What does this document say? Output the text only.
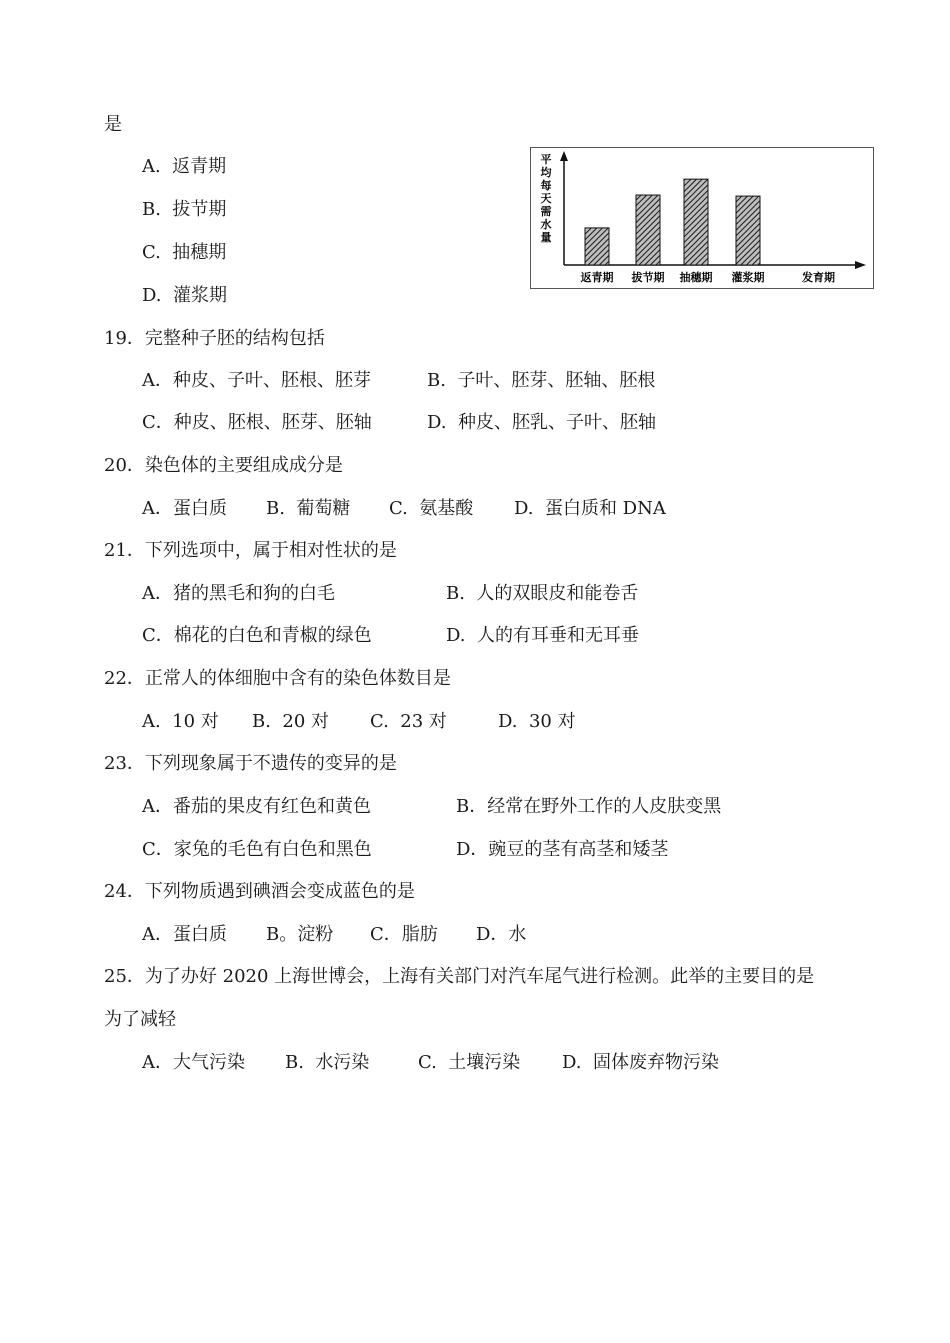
是
A.  返青期
B.  拔节期
C.  抽穗期
D.  灌浆期
平
均
每
天
需
水
量
返青期 拔节期 抽穗期 灌浆期	发育期
19．完整种子胚的结构包括
A．种皮、子叶、胚根、胚芽	B.  子叶、胚芽、胚轴、胚根
C．种皮、胚根、胚芽、胚轴	D.  种皮、胚乳、子叶、胚轴
20．染色体的主要组成成分是
A．蛋白质 B.  葡萄糖 C.  氨基酸 D.  蛋白质和 DNA
21．下列选项中，属于相对性状的是
A．猪的黑毛和狗的白毛	B.  人的双眼皮和能卷舌
C．棉花的白色和青椒的绿色	D.  人的有耳垂和无耳垂
22．正常人的体细胞中含有的染色体数目是
A.  10 对 B.  20 对 C.  23 对	D.  30 对
23．下列现象属于不遗传的变异的是
A．番茄的果皮有红色和黄色	B．经常在野外工作的人皮肤变黑
C．家兔的毛色有白色和黑色	D．豌豆的茎有高茎和矮茎
24．下列物质遇到碘酒会变成蓝色的是
A．蛋白质 B。淀粉 C．脂肪 D．水
25．为了办好 2020 上海世博会，上海有关部门对汽车尾气进行检测。此举的主要目的是
为了减轻
A．大气污染 B.  水污染	C.  土壤污染 D.  固体废弃物污染
